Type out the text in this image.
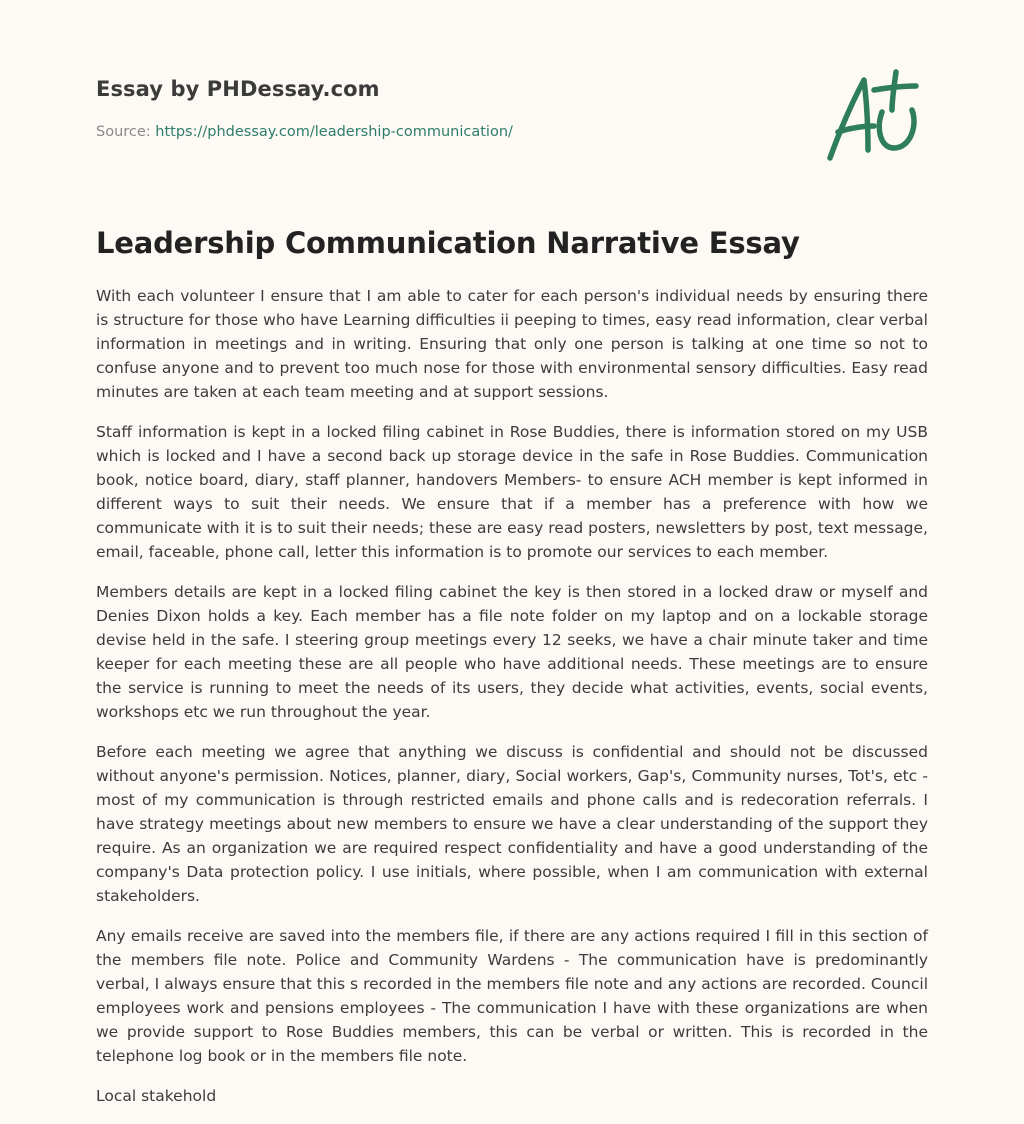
Essay by PHDessay.com
Source: https://phdessay.com/leadership-communication/
Leadership Communication Narrative Essay

With each volunteer I ensure that I am able to cater for each person's individual needs by ensuring there is structure for those who have Learning difficulties ii peeping to times, easy read information, clear verbal information in meetings and in writing. Ensuring that only one person is talking at one time so not to confuse anyone and to prevent too much nose for those with environmental sensory difficulties. Easy read minutes are taken at each team meeting and at support sessions.

Staff information is kept in a locked filing cabinet in Rose Buddies, there is information stored on my USB which is locked and I have a second back up storage device in the safe in Rose Buddies. Communication book, notice board, diary, staff planner, handovers Members- to ensure ACH member is kept informed in different ways to suit their needs. We ensure that if a member has a preference with how we communicate with it is to suit their needs; these are easy read posters, newsletters by post, text message, email, faceable, phone call, letter this information is to promote our services to each member.

Members details are kept in a locked filing cabinet the key is then stored in a locked draw or myself and Denies Dixon holds a key. Each member has a file note folder on my laptop and on a lockable storage devise held in the safe. I steering group meetings every 12 seeks, we have a chair minute taker and time keeper for each meeting these are all people who have additional needs. These meetings are to ensure the service is running to meet the needs of its users, they decide what activities, events, social events, workshops etc we run throughout the year.

Before each meeting we agree that anything we discuss is confidential and should not be discussed without anyone's permission. Notices, planner, diary, Social workers, Gap's, Community nurses, Tot's, etc - most of my communication is through restricted emails and phone calls and is redecoration referrals. I have strategy meetings about new members to ensure we have a clear understanding of the support they require. As an organization we are required respect confidentiality and have a good understanding of the company's Data protection policy. I use initials, where possible, when I am communication with external stakeholders.

Any emails receive are saved into the members file, if there are any actions required I fill in this section of the members file note. Police and Community Wardens - The communication have is predominantly verbal, I always ensure that this s recorded in the members file note and any actions are recorded. Council employees work and pensions employees - The communication I have with these organizations are when we provide support to Rose Buddies members, this can be verbal or written. This is recorded in the telephone log book or in the members file note.

Local stakehold
